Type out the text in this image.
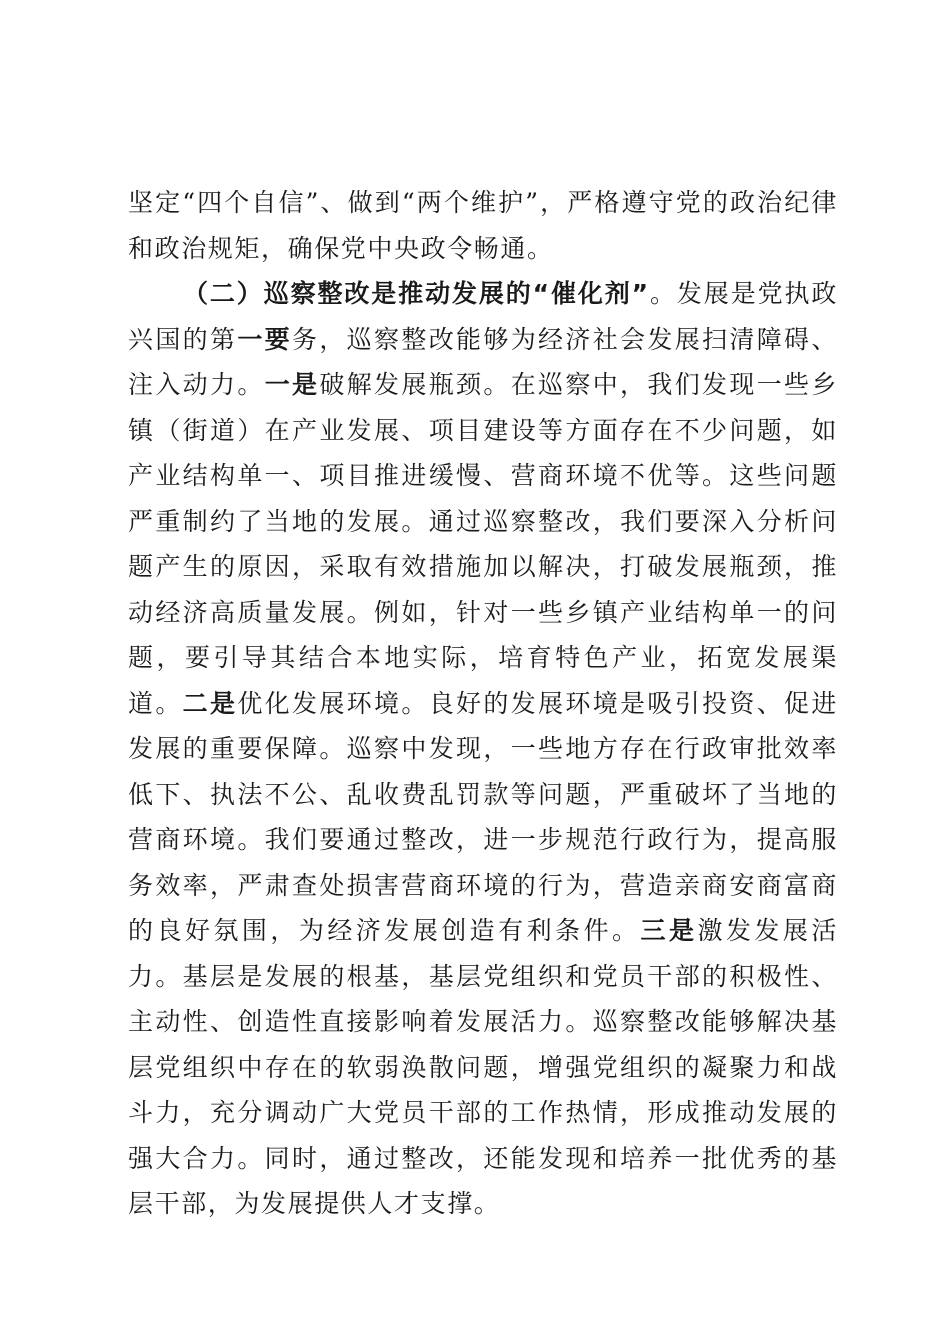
坚定“四个自信”、做到“两个维护”，严格遵守党的政治纪律和政治规矩，确保党中央政令畅通。

（二）巡察整改是推动发展的“催化剂”。发展是党执政兴国的第一要务，巡察整改能够为经济社会发展扫清障碍、注入动力。一是破解发展瓶颈。在巡察中，我们发现一些乡镇（街道）在产业发展、项目建设等方面存在不少问题，如产业结构单一、项目推进缓慢、营商环境不优等。这些问题严重制约了当地的发展。通过巡察整改，我们要深入分析问题产生的原因，采取有效措施加以解决，打破发展瓶颈，推动经济高质量发展。例如，针对一些乡镇产业结构单一的问题，要引导其结合本地实际，培育特色产业，拓宽发展渠道。二是优化发展环境。良好的发展环境是吸引投资、促进发展的重要保障。巡察中发现，一些地方存在行政审批效率低下、执法不公、乱收费乱罚款等问题，严重破坏了当地的营商环境。我们要通过整改，进一步规范行政行为，提高服务效率，严肃查处损害营商环境的行为，营造亲商安商富商的良好氛围，为经济发展创造有利条件。三是激发发展活力。基层是发展的根基，基层党组织和党员干部的积极性、主动性、创造性直接影响着发展活力。巡察整改能够解决基层党组织中存在的软弱涣散问题，增强党组织的凝聚力和战斗力，充分调动广大党员干部的工作热情，形成推动发展的强大合力。同时，通过整改，还能发现和培养一批优秀的基层干部，为发展提供人才支撑。
